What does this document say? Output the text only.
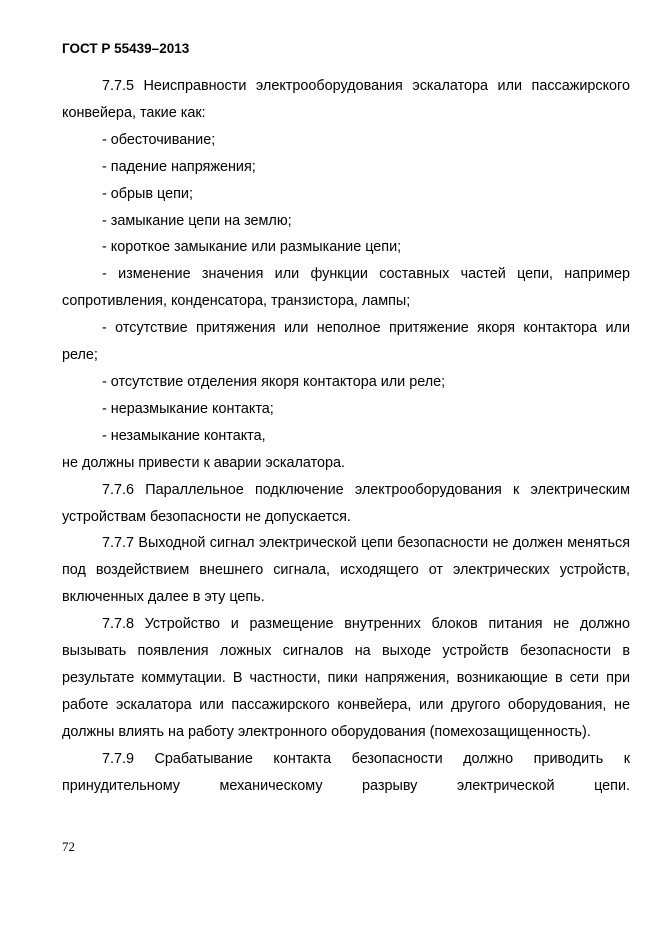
ГОСТ Р 55439–2013

7.7.5 Неисправности электрооборудования эскалатора или пассажирского конвейера, такие как:

- обесточивание;

- падение напряжения;

- обрыв цепи;

- замыкание цепи на землю;

- короткое замыкание или размыкание цепи;

- изменение значения или функции составных частей цепи, например сопротивления, конденсатора, транзистора, лампы;

- отсутствие притяжения или неполное притяжение якоря контактора или реле;

- отсутствие отделения якоря контактора или реле;

- неразмыкание контакта;

- незамыкание контакта,

не должны привести к аварии эскалатора.

7.7.6 Параллельное подключение электрооборудования к электрическим устройствам безопасности не допускается.

7.7.7 Выходной сигнал электрической цепи безопасности не должен меняться под воздействием внешнего сигнала, исходящего от электрических устройств, включенных далее в эту цепь.

7.7.8 Устройство и размещение внутренних блоков питания не должно вызывать появления ложных сигналов на выходе устройств безопасности в результате коммутации. В частности, пики напряжения, возникающие в сети при работе эскалатора или пассажирского конвейера, или другого оборудования, не должны влиять на работу электронного оборудования (помехозащищенность).

7.7.9 Срабатывание контакта безопасности должно приводить к принудительному механическому разрыву электрической цепи.

72
